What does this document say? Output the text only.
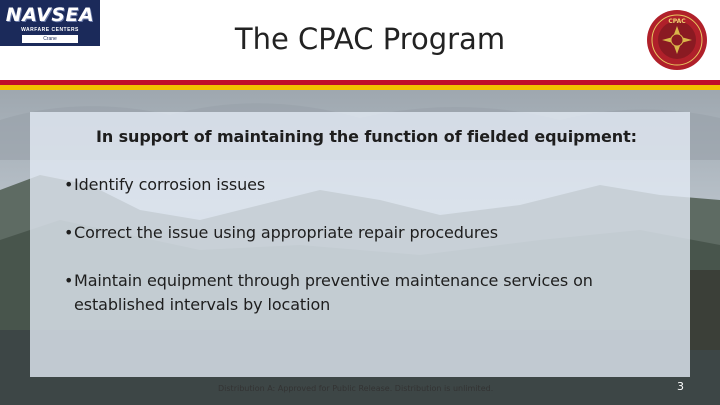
NAVSEA
WARFARE CENTERS
Crane	The CPAC Program
CPAC
In support of maintaining the function of fielded equipment:
•Identify corrosion issues
•Correct the issue using appropriate repair procedures
•Maintain equipment through preventive maintenance services on established intervals by location
Distribution A: Approved for Public Release. Distribution is unlimited.	3
